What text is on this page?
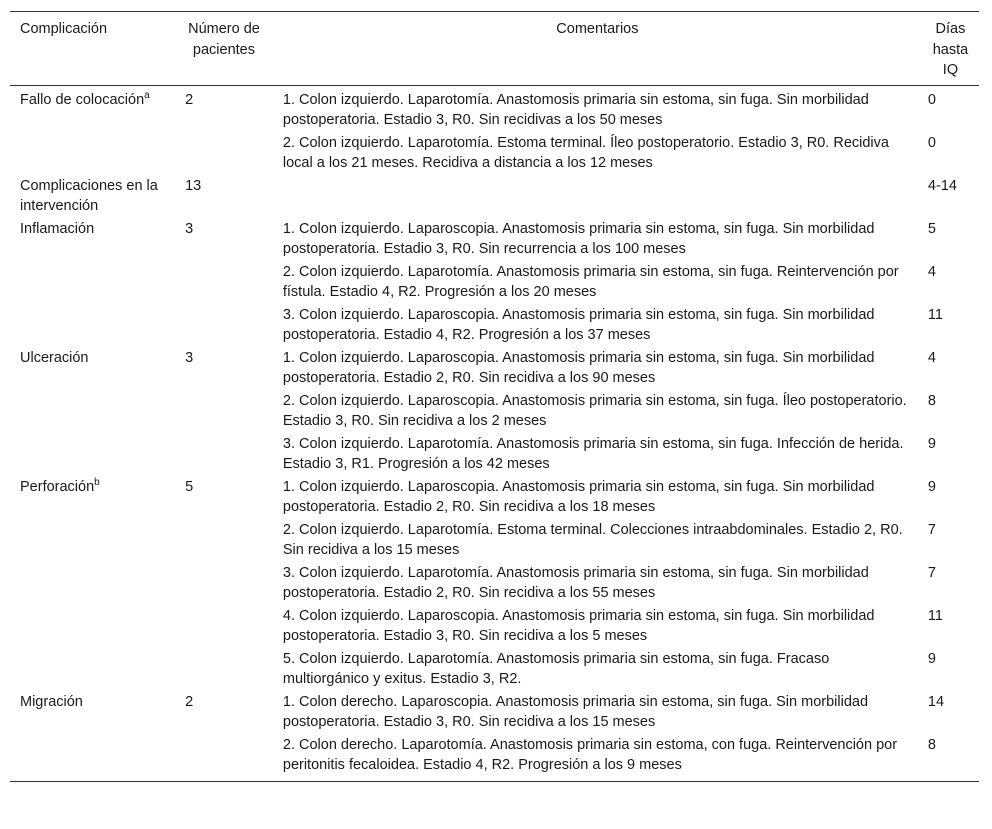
Complicación	Número de pacientes	Comentarios	Días hasta IQ
Fallo de colocación$^a$	2	1. Colon izquierdo. Laparotomía. Anastomosis primaria sin estoma, sin fuga. Sin morbilidad postoperatoria. Estadio 3, R0. Sin recidivas a los 50 meses	0
		2. Colon izquierdo. Laparotomía. Estoma terminal. Íleo postoperatorio. Estadio 3, R0. Recidiva local a los 21 meses. Recidiva a distancia a los 12 meses	0
Complicaciones en la intervención	13		4-14
Inflamación	3	1. Colon izquierdo. Laparoscopia. Anastomosis primaria sin estoma, sin fuga. Sin morbilidad postoperatoria. Estadio 3, R0. Sin recurrencia a los 100 meses	5
		2. Colon izquierdo. Laparotomía. Anastomosis primaria sin estoma, sin fuga. Reintervención por fístula. Estadio 4, R2. Progresión a los 20 meses	4
		3. Colon izquierdo. Laparoscopia. Anastomosis primaria sin estoma, sin fuga. Sin morbilidad postoperatoria. Estadio 4, R2. Progresión a los 37 meses	11
Ulceración	3	1. Colon izquierdo. Laparoscopia. Anastomosis primaria sin estoma, sin fuga. Sin morbilidad postoperatoria. Estadio 2, R0. Sin recidiva a los 90 meses	4
		2. Colon izquierdo. Laparoscopia. Anastomosis primaria sin estoma, sin fuga. Íleo postoperatorio. Estadio 3, R0. Sin recidiva a los 2 meses	8
		3. Colon izquierdo. Laparotomía. Anastomosis primaria sin estoma, sin fuga. Infección de herida. Estadio 3, R1. Progresión a los 42 meses	9
Perforación$^b$	5	1. Colon izquierdo. Laparoscopia. Anastomosis primaria sin estoma, sin fuga. Sin morbilidad postoperatoria. Estadio 2, R0. Sin recidiva a los 18 meses	9
		2. Colon izquierdo. Laparotomía. Estoma terminal. Colecciones intraabdominales. Estadio 2, R0. Sin recidiva a los 15 meses	7
		3. Colon izquierdo. Laparotomía. Anastomosis primaria sin estoma, sin fuga. Sin morbilidad postoperatoria. Estadio 2, R0. Sin recidiva a los 55 meses	7
		4. Colon izquierdo. Laparoscopia. Anastomosis primaria sin estoma, sin fuga. Sin morbilidad postoperatoria. Estadio 3, R0. Sin recidiva a los 5 meses	11
		5. Colon izquierdo. Laparotomía. Anastomosis primaria sin estoma, sin fuga. Fracaso multiorgánico y exitus. Estadio 3, R2.	9
Migración	2	1. Colon derecho. Laparoscopia. Anastomosis primaria sin estoma, sin fuga. Sin morbilidad postoperatoria. Estadio 3, R0. Sin recidiva a los 15 meses	14
		2. Colon derecho. Laparotomía. Anastomosis primaria sin estoma, con fuga. Reintervención por peritonitis fecaloidea. Estadio 4, R2. Progresión a los 9 meses	8
